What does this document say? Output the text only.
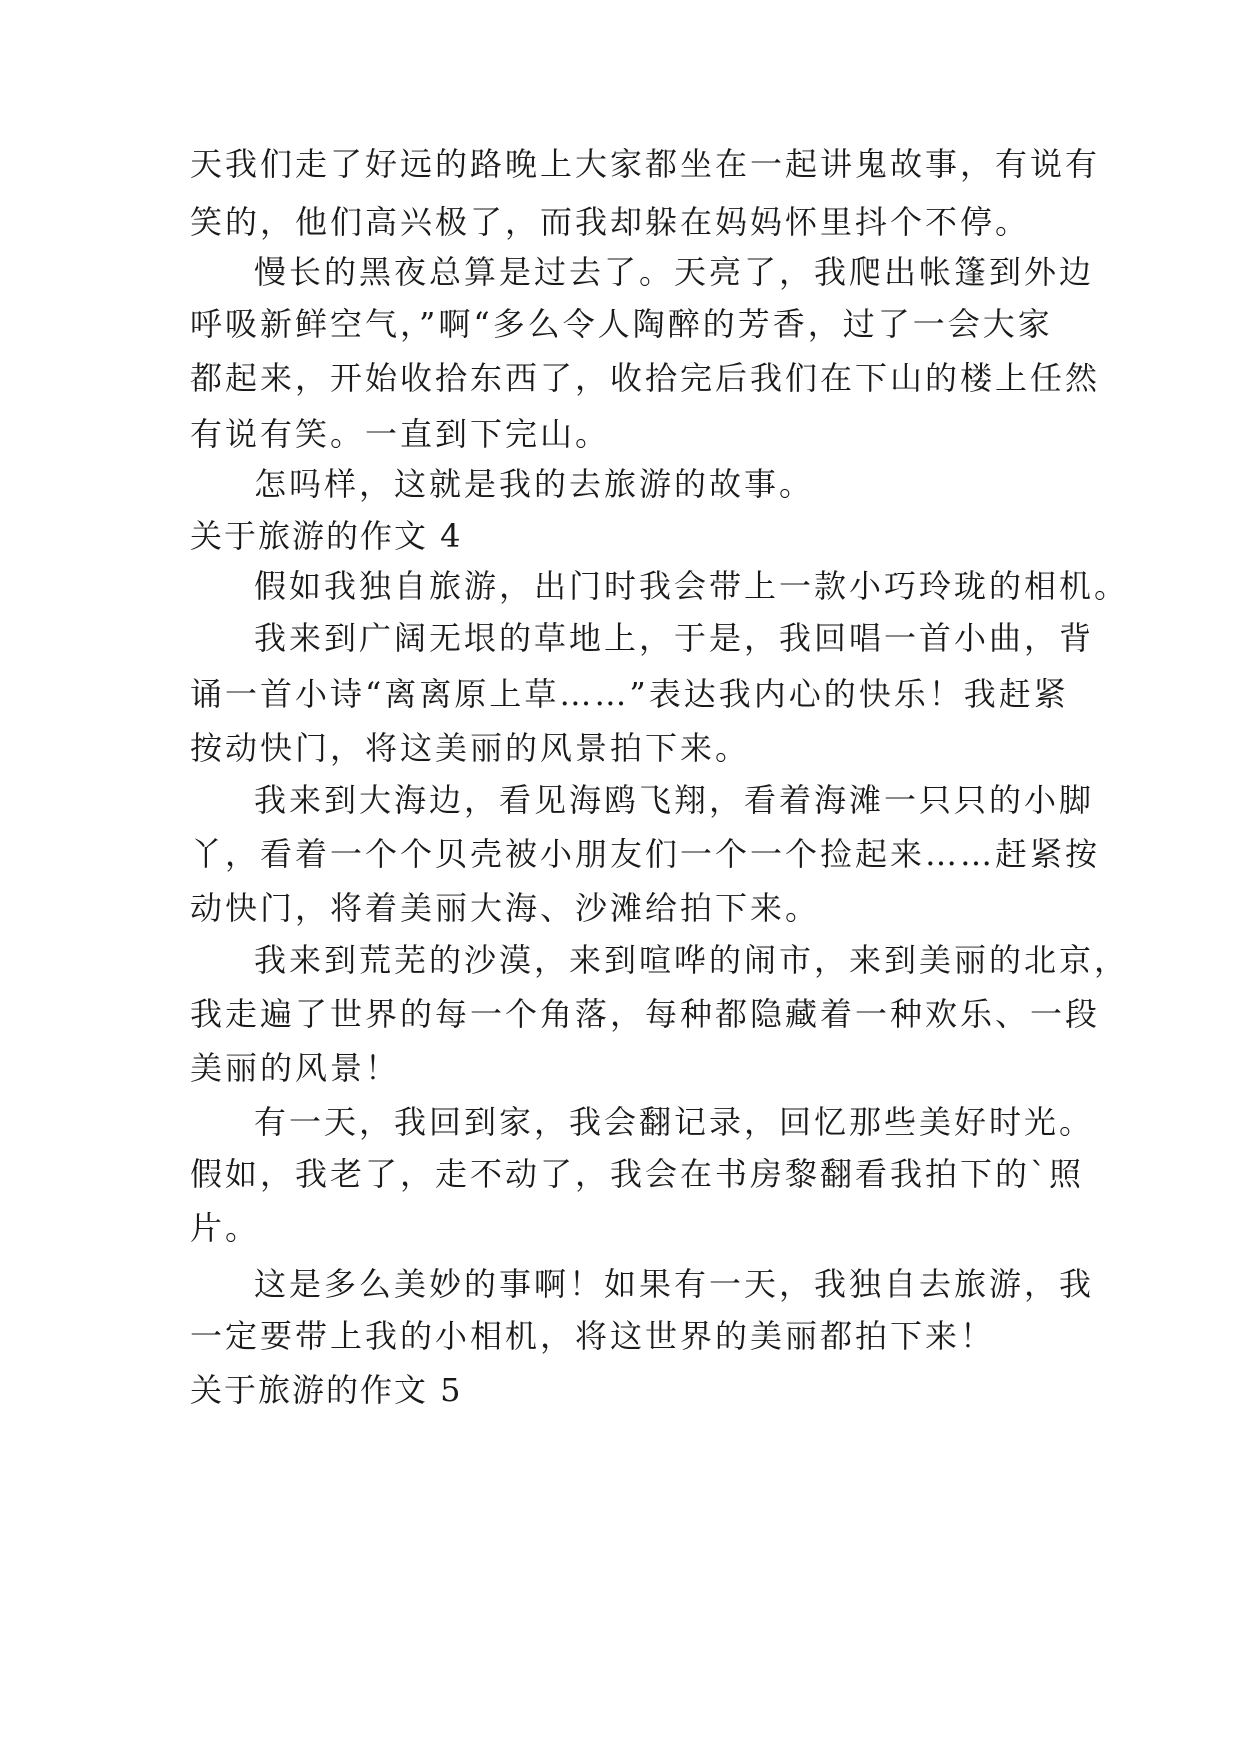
天我们走了好远的路晚上大家都坐在一起讲鬼故事，有说有
笑的，他们高兴极了，而我却躲在妈妈怀里抖个不停。
慢长的黑夜总算是过去了。天亮了，我爬出帐篷到外边
呼吸新鲜空气，”啊“多么令人陶醉的芳香，过了一会大家
都起来，开始收拾东西了，收拾完后我们在下山的楼上任然
有说有笑。一直到下完山。
怎吗样，这就是我的去旅游的故事。
关于旅游的作文 4
假如我独自旅游，出门时我会带上一款小巧玲珑的相机。
我来到广阔无垠的草地上，于是，我回唱一首小曲，背
诵一首小诗“离离原上草……”表达我内心的快乐！我赶紧
按动快门，将这美丽的风景拍下来。
我来到大海边，看见海鸥飞翔，看着海滩一只只的小脚
丫，看着一个个贝壳被小朋友们一个一个捡起来……赶紧按
动快门，将着美丽大海、沙滩给拍下来。
我来到荒芜的沙漠，来到喧哗的闹市，来到美丽的北京，
我走遍了世界的每一个角落，每种都隐藏着一种欢乐、一段
美丽的风景！
有一天，我回到家，我会翻记录，回忆那些美好时光。
假如，我老了，走不动了，我会在书房黎翻看我拍下的`照
片。
这是多么美妙的事啊！如果有一天，我独自去旅游，我
一定要带上我的小相机，将这世界的美丽都拍下来！
关于旅游的作文 5
